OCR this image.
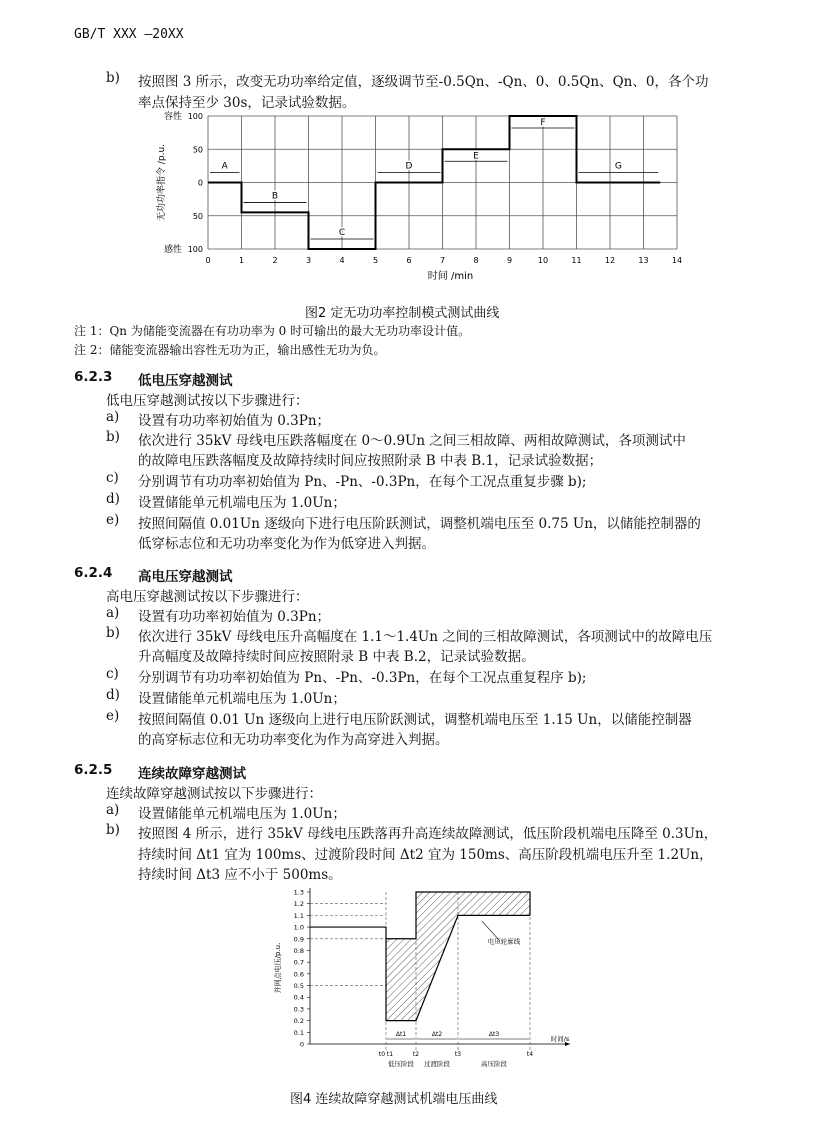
GB/T XXX —20XX
b) 按照图 3 所示，改变无功功率给定值，逐级调节至-0.5Qn、-Qn、0、0.5Qn、Qn、0，各个功
率点保持至少 30s，记录试验数据。
100
50
0
50
100
容性
感性
0	1	2	3	4	5	6	7	8	9	10	11	12	13	14
时间 /min
无功功率指令 /p.u.	A
B
C
D
E
F
G
图2 定无功功率控制模式测试曲线
注 1：Qn 为储能变流器在有功功率为 0 时可输出的最大无功功率设计值。
注 2：储能变流器输出容性无功为正，输出感性无功为负。
6.2.3 低电压穿越测试
低电压穿越测试按以下步骤进行：
a) 设置有功功率初始值为 0.3Pn；
b) 依次进行 35kV 母线电压跌落幅度在 0～0.9Un 之间三相故障、两相故障测试，各项测试中
的故障电压跌落幅度及故障持续时间应按照附录 B 中表 B.1，记录试验数据；
c) 分别调节有功功率初始值为 Pn、-Pn、-0.3Pn，在每个工况点重复步骤 b);
d) 设置储能单元机端电压为 1.0Un；
e) 按照间隔值 0.01Un 逐级向下进行电压阶跃测试，调整机端电压至 0.75 Un，以储能控制器的
低穿标志位和无功功率变化为作为低穿进入判据。
6.2.4 高电压穿越测试
高电压穿越测试按以下步骤进行：
a) 设置有功功率初始值为 0.3Pn；
b) 依次进行 35kV 母线电压升高幅度在 1.1～1.4Un 之间的三相故障测试，各项测试中的故障电压
升高幅度及故障持续时间应按照附录 B 中表 B.2，记录试验数据。
c) 分别调节有功功率初始值为 Pn、-Pn、-0.3Pn，在每个工况点重复程序 b);
d) 设置储能单元机端电压为 1.0Un；
e) 按照间隔值 0.01 Un 逐级向上进行电压阶跃测试，调整机端电压至 1.15 Un，以储能控制器
的高穿标志位和无功功率变化为作为高穿进入判据。
6.2.5 连续故障穿越测试
连续故障穿越测试按以下步骤进行：
a) 设置储能单元机端电压为 1.0Un；
b) 按照图 4 所示，进行 35kV 母线电压跌落再升高连续故障测试，低压阶段机端电压降至 0.3Un，
持续时间 Δt1 宜为 100ms、过渡阶段时间 Δt2 宜为 150ms、高压阶段机端电压升至 1.2Un，
持续时间 Δt3 应不小于 500ms。
1.3
1.2
1.1
1.0
0.9
0.8
0.7
0.6
0.5
0.4
0.3
0.2
0.1
0
并网点电压/p.u.
时间/s
电压轮廓线
t0 t1	t2	t3	t4
Δt1
低压阶段
Δt2
过渡阶段
Δt3
高压阶段
图4 连续故障穿越测试机端电压曲线
